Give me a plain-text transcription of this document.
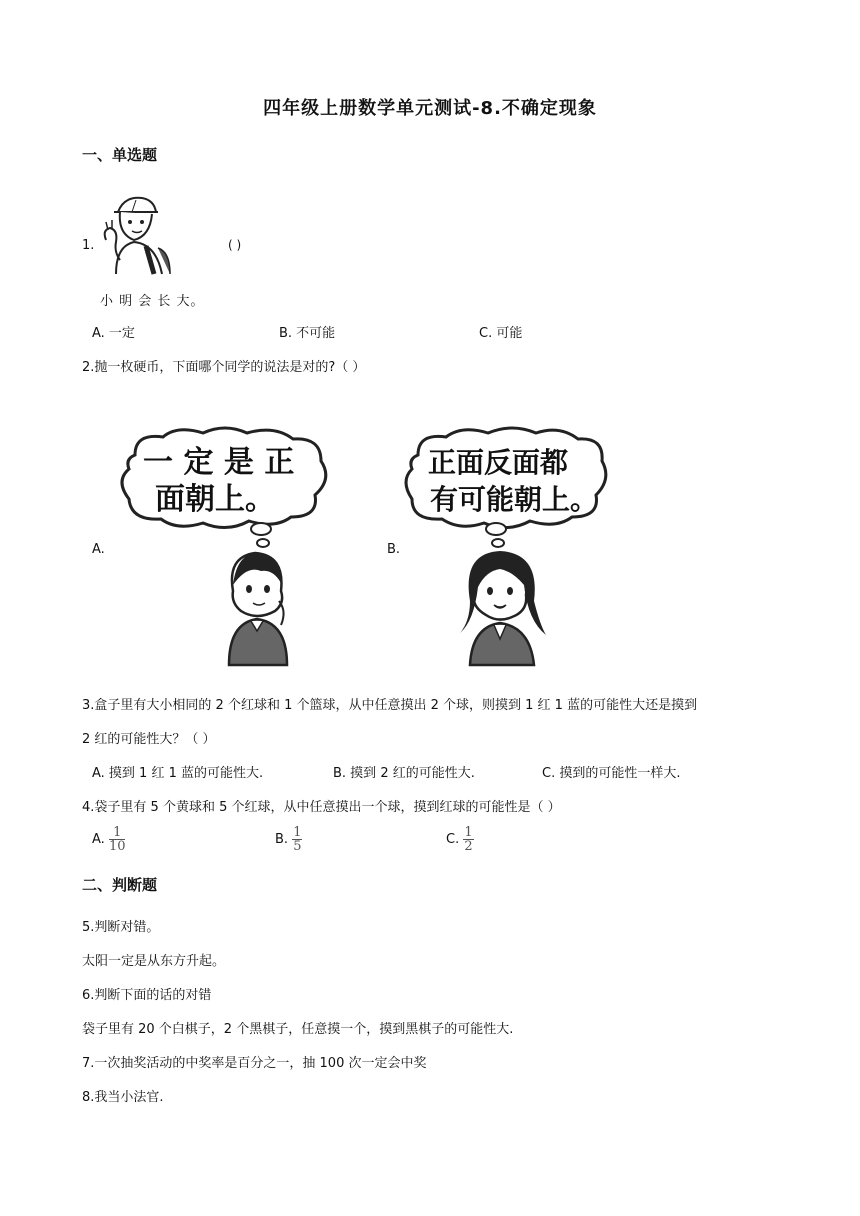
四年级上册数学单元测试-8.不确定现象
一、单选题
1.	( )
小 明 会 长 大。
A. 一定	B. 不可能	C. 可能
2.抛一枚硬币，下面哪个同学的说法是对的?（ ）
A.	B.
一 定 是 正
面朝上。
正面反面都
有可能朝上。
3.盒子里有大小相同的 2 个红球和 1 个篮球，从中任意摸出 2 个球，则摸到 1 红 1 蓝的可能性大还是摸到
2 红的可能性大？（ ）
A. 摸到 1 红 1 蓝的可能性大.	B. 摸到 2 红的可能性大.	C. 摸到的可能性一样大.
4.袋子里有 5 个黄球和 5 个红球，从中任意摸出一个球，摸到红球的可能性是（ ）
A. $\frac{1}{10}$	B. $\frac{1}{5}$	C. $\frac{1}{2}$
二、判断题
5.判断对错。
太阳一定是从东方升起。
6.判断下面的话的对错
袋子里有 20 个白棋子，2 个黑棋子，任意摸一个，摸到黑棋子的可能性大.
7.一次抽奖活动的中奖率是百分之一，抽 100 次一定会中奖
8.我当小法官.
